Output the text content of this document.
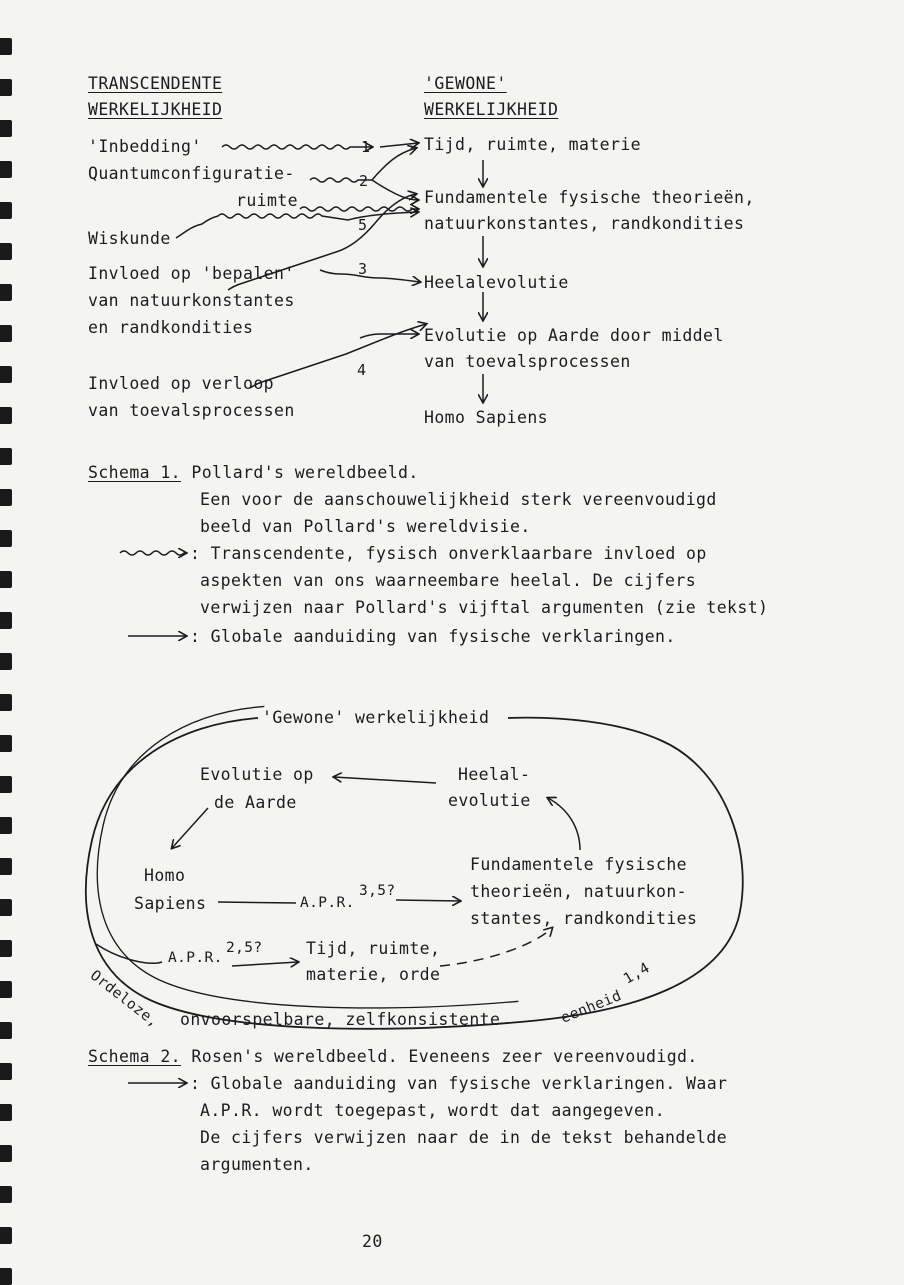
TRANSCENDENTE
WERKELIJKHEID
'GEWONE'
WERKELIJKHEID
'Inbedding'
Quantumconfiguratie-
ruimte
Wiskunde
Invloed op 'bepalen'
van natuurkonstantes
en randkondities
Invloed op verloop
van toevalsprocessen
Tijd, ruimte, materie
Fundamentele fysische theorieën,
natuurkonstantes, randkondities
Heelalevolutie
Evolutie op Aarde door middel
van toevalsprocessen
Homo Sapiens
1
2
5
3
4
Schema 1. Pollard's wereldbeeld.
Een voor de aanschouwelijkheid sterk vereenvoudigd
beeld van Pollard's wereldvisie.
: Transcendente, fysisch onverklaarbare invloed op
aspekten van ons waarneembare heelal. De cijfers
verwijzen naar Pollard's vijftal argumenten (zie tekst)
: Globale aanduiding van fysische verklaringen.
'Gewone' werkelijkheid
Evolutie op
de Aarde
Heelal-
evolutie
Homo
Sapiens	A.P.R.
3,5?
Fundamentele fysische
theorieën, natuurkon-
stantes, randkondities
A.P.R.
2,5?	Tijd, ruimte,
materie, orde
Ordeloze, onvoorspelbare, zelfkonsistente	eenheid
1,4
Schema 2. Rosen's wereldbeeld. Eveneens zeer vereenvoudigd.
: Globale aanduiding van fysische verklaringen. Waar
A.P.R. wordt toegepast, wordt dat aangegeven.
De cijfers verwijzen naar de in de tekst behandelde
argumenten.
20
